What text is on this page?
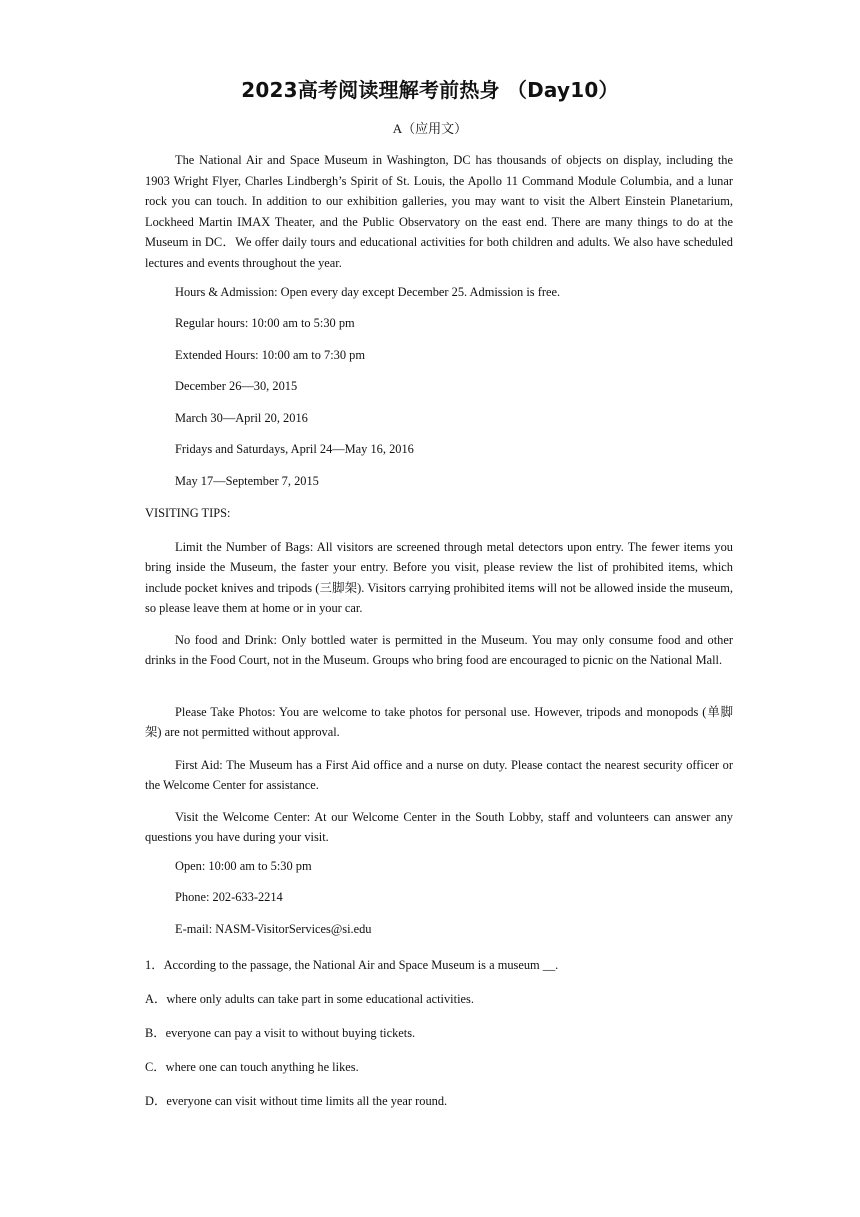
2023高考阅读理解考前热身 （Day10）
A（应用文）
The National Air and Space Museum in Washington, DC has thousands of objects on display, including the 1903 Wright Flyer, Charles Lindbergh’s Spirit of St. Louis, the Apollo 11 Command Module Columbia, and a lunar rock you can touch. In addition to our exhibition galleries, you may want to visit the Albert Einstein Planetarium, Lockheed Martin IMAX Theater, and the Public Observatory on the east end. There are many things to do at the Museum in DC．We offer daily tours and educational activities for both children and adults. We also have scheduled lectures and events throughout the year.
Hours & Admission: Open every day except December 25. Admission is free.
Regular hours: 10:00 am to 5:30 pm
Extended Hours: 10:00 am to 7:30 pm
December 26—30, 2015
March 30—April 20, 2016
Fridays and Saturdays, April 24—May 16, 2016
May 17—September 7, 2015
VISITING TIPS:
Limit the Number of Bags: All visitors are screened through metal detectors upon entry. The fewer items you bring inside the Museum, the faster your entry. Before you visit, please review the list of prohibited items, which include pocket knives and tripods (三脚架). Visitors carrying prohibited items will not be allowed inside the museum, so please leave them at home or in your car.
No food and Drink: Only bottled water is permitted in the Museum. You may only consume food and other drinks in the Food Court, not in the Museum. Groups who bring food are encouraged to picnic on the National Mall.
Please Take Photos: You are welcome to take photos for personal use. However, tripods and monopods (单脚架) are not permitted without approval.
First Aid: The Museum has a First Aid office and a nurse on duty. Please contact the nearest security officer or the Welcome Center for assistance.
Visit the Welcome Center: At our Welcome Center in the South Lobby, staff and volunteers can answer any questions you have during your visit.
Open: 10:00 am to 5:30 pm
Phone: 202-633-2214
E-mail: NASM-VisitorServices@si.edu
1．According to the passage, the National Air and Space Museum is a museum __.
A．where only adults can take part in some educational activities.
B．everyone can pay a visit to without buying tickets.
C．where one can touch anything he likes.
D．everyone can visit without time limits all the year round.
